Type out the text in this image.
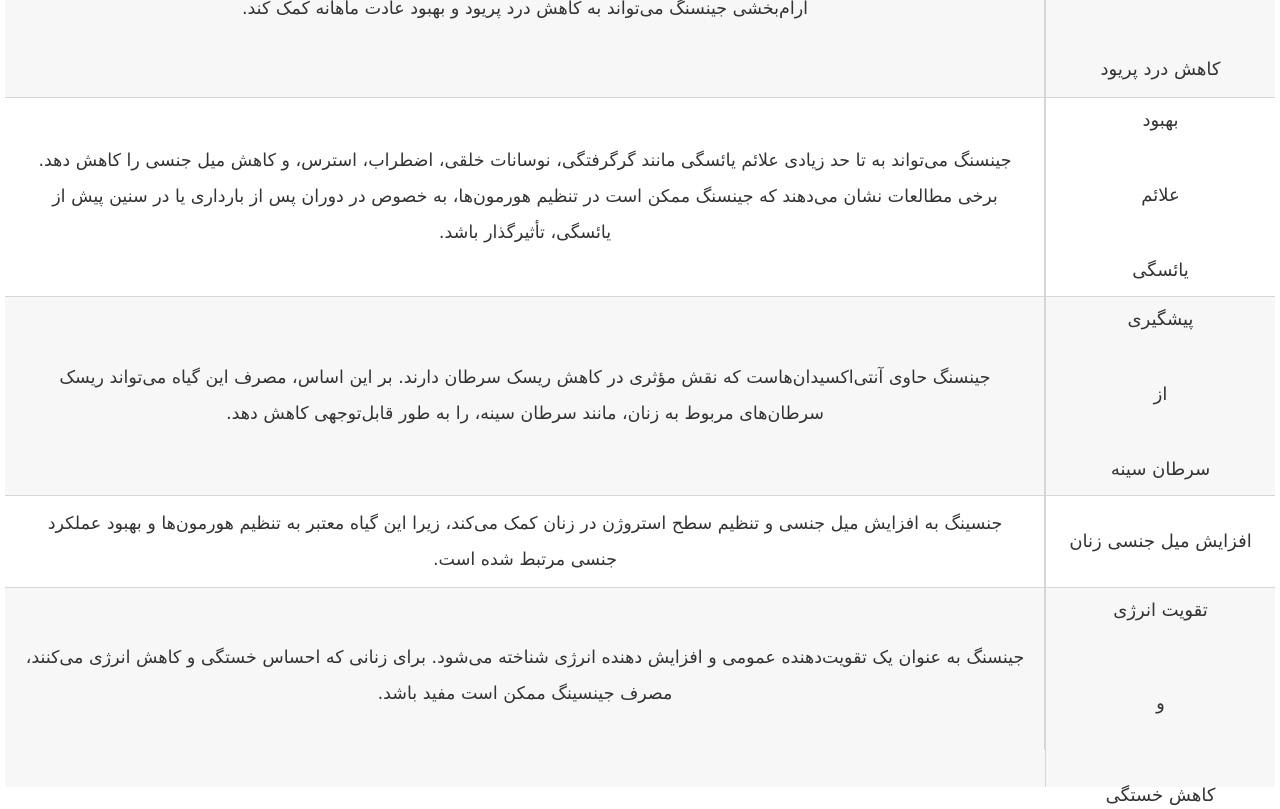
کاهش درد پریود
آرام‌بخشی جینسنگ می‌تواند به کاهش درد پریود و بهبود عادت ماهانه کمک کند.
بهبود
علائم
یائسگی
جینسنگ می‌تواند به تا حد زیادی علائم یائسگی مانند گرگرفتگی، نوسانات خلقی، اضطراب، استرس، و کاهش میل جنسی را کاهش دهد. برخی مطالعات نشان می‌دهند که جینسنگ ممکن است در تنظیم هورمون‌ها، به خصوص در دوران پس از بارداری یا در سنین پیش از یائسگی، تأثیرگذار باشد.
پیشگیری
از
سرطان سینه
جینسنگ حاوی آنتی‌اکسیدان‌هاست که نقش مؤثری در کاهش ریسک سرطان دارند. بر این اساس، مصرف این گیاه می‌تواند ریسک سرطان‌های مربوط به زنان، مانند سرطان سینه، را به طور قابل‌توجهی کاهش دهد.
افزایش میل جنسی زنان
جنسینگ به افزایش میل جنسی و تنظیم سطح استروژن در زنان کمک می‌کند، زیرا این گیاه معتبر به تنظیم هورمون‌ها و بهبود عملکرد جنسی مرتبط شده است.
تقویت انرژی
و
کاهش خستگی
جینسنگ به عنوان یک تقویت‌دهنده عمومی و افزایش دهنده انرژی شناخته می‌شود. برای زنانی که احساس خستگی و کاهش انرژی می‌کنند، مصرف جینسینگ ممکن است مفید باشد.
